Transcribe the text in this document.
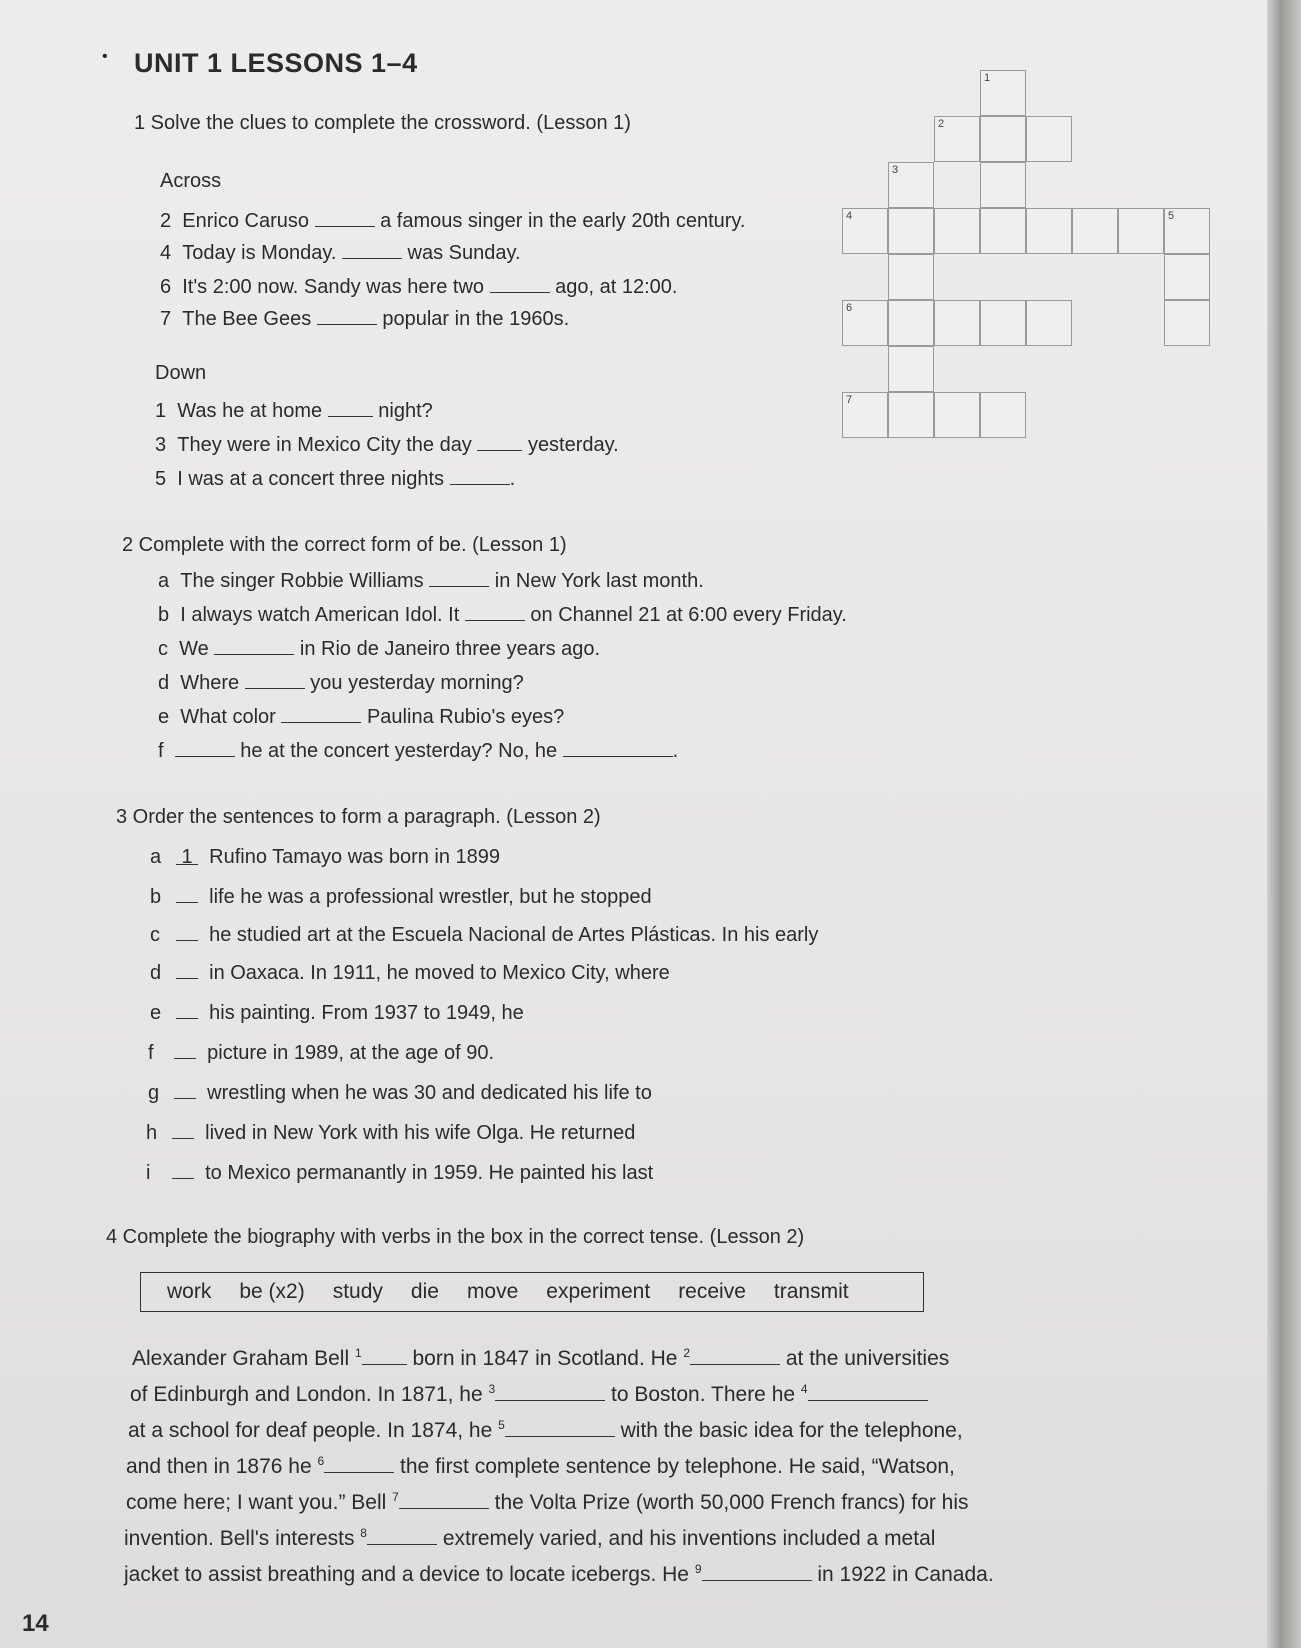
• UNIT 1 LESSONS 1–4
1 Solve the clues to complete the crossword. (Lesson 1)
Across
2 Enrico Caruso	a famous singer in the early 20th century.
4 Today is Monday.	was Sunday.
6 It's 2:00 now. Sandy was here two	ago, at 12:00.
7 The Bee Gees	popular in the 1960s.
Down
1 Was he at home	night?
3 They were in Mexico City the day	yesterday.
5 I was at a concert three nights	.
1
2
3
4	5
6
7
2 Complete with the correct form of be. (Lesson 1)
a The singer Robbie Williams	in New York last month.
b I always watch American Idol. It	on Channel 21 at 6:00 every Friday.
c We	in Rio de Janeiro three years ago.
d Where	you yesterday morning?
e What color	Paulina Rubio's eyes?
f	he at the concert yesterday? No, he	.
3 Order the sentences to form a paragraph. (Lesson 2)
a 1 Rufino Tamayo was born in 1899
b life he was a professional wrestler, but he stopped
c he studied art at the Escuela Nacional de Artes Plásticas. In his early
d in Oaxaca. In 1911, he moved to Mexico City, where
e his painting. From 1937 to 1949, he
f	picture in 1989, at the age of 90.
g wrestling when he was 30 and dedicated his life to
h lived in New York with his wife Olga. He returned
i	to Mexico permanantly in 1959. He painted his last
4 Complete the biography with verbs in the box in the correct tense. (Lesson 2)
work be (x2) study die move experiment receive transmit
Alexander Graham Bell $^1$ born in 1847 in Scotland. He $^2$	at the universities
of Edinburgh and London. In 1871, he $^3$	to Boston. There he $^4$
at a school for deaf people. In 1874, he $^5$	with the basic idea for the telephone,
and then in 1876 he $^6$	the first complete sentence by telephone. He said, “Watson,
come here; I want you.” Bell $^7$	the Volta Prize (worth 50,000 French francs) for his
invention. Bell's interests $^8$	extremely varied, and his inventions included a metal
jacket to assist breathing and a device to locate icebergs. He $^9$	in 1922 in Canada.
14
